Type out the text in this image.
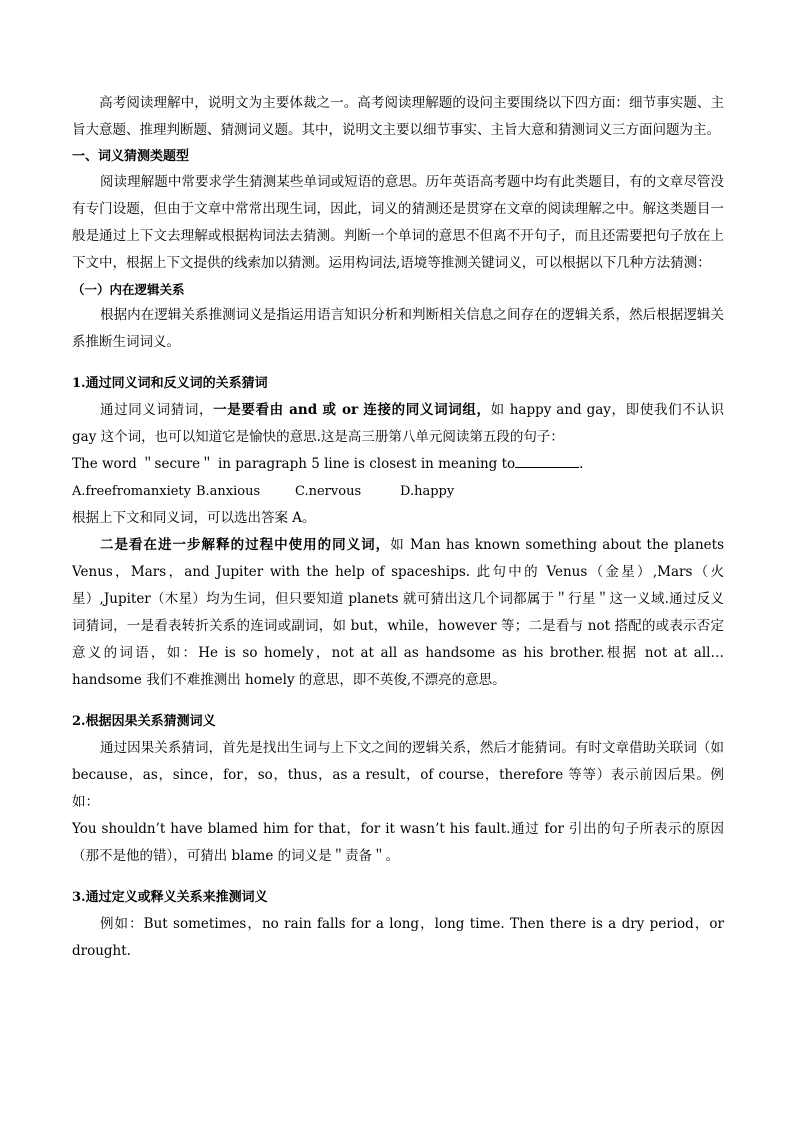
　　高考阅读理解中，说明文为主要体裁之一。高考阅读理解题的设问主要围绕以下四方面：细节事实题、主旨大意题、推理判断题、猜测词义题。其中，说明文主要以细节事实、主旨大意和猜测词义三方面问题为主。

一、词义猜测类题型

阅读理解题中常要求学生猜测某些单词或短语的意思。历年英语高考题中均有此类题目，有的文章尽管没有专门设题，但由于文章中常常出现生词，因此，词义的猜测还是贯穿在文章的阅读理解之中。解这类题目一般是通过上下文去理解或根据构词法去猜测。判断一个单词的意思不但离不开句子，而且还需要把句子放在上下文中，根据上下文提供的线索加以猜测。运用构词法,语境等推测关键词义，可以根据以下几种方法猜测：

（一）内在逻辑关系

根据内在逻辑关系推测词义是指运用语言知识分析和判断相关信息之间存在的逻辑关系，然后根据逻辑关系推断生词词义。

1.通过同义词和反义词的关系猜词

通过同义词猜词，一是要看由 and 或 or 连接的同义词词组，如 happy and gay，即使我们不认识 gay 这个词，也可以知道它是愉快的意思.这是高三册第八单元阅读第五段的句子：

The word ＂secure＂ in paragraph 5 line is closest in meaning to	.

A.freefromanxiety B.anxious	C.nervous	D.happy

根据上下文和同义词，可以选出答案 A。

二是看在进一步解释的过程中使用的同义词，如 Man has known something about the planets Venus，Mars，and Jupiter with the help of spaceships. 此句中的 Venus（金星）,Mars（火星）,Jupiter（木星）均为生词，但只要知道 planets 就可猜出这几个词都属于＂行星＂这一义域.通过反义词猜词，一是看表转折关系的连词或副词，如 but，while，however 等；二是看与 not 搭配的或表示否定意义的词语，如：He is so homely，not at all as handsome as his brother.根据 not at all…handsome 我们不难推测出 homely 的意思，即不英俊,不漂亮的意思。

2.根据因果关系猜测词义

通过因果关系猜词，首先是找出生词与上下文之间的逻辑关系，然后才能猜词。有时文章借助关联词（如 because，as，since，for，so，thus，as a result，of course，therefore 等等）表示前因后果。例如：

You shouldn’t have blamed him for that，for it wasn’t his fault.通过 for 引出的句子所表示的原因（那不是他的错），可猜出 blame 的词义是＂责备＂。

3.通过定义或释义关系来推测词义

例如：But sometimes，no rain falls for a long，long time. Then there is a dry period，or drought.
